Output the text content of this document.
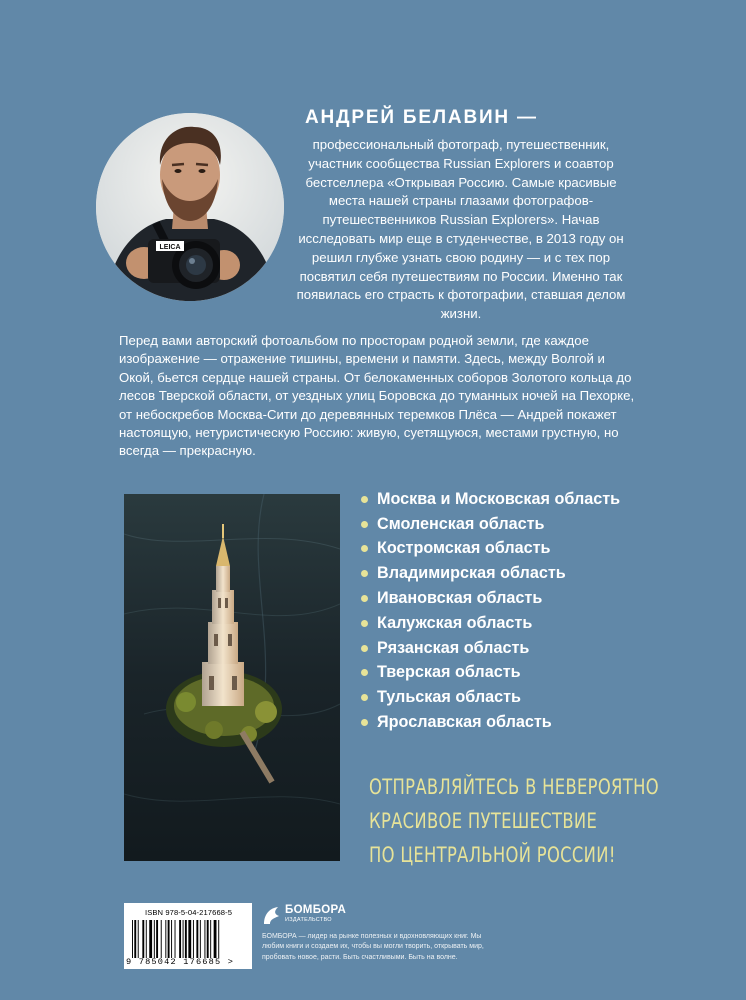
LEICA
АНДРЕЙ БЕЛАВИН —
профессиональный фотограф, путешественник, участник сообщества Russian Explorers и соавтор бестселлера «Открывая Россию. Самые красивые места нашей страны глазами фотографов-путешественников Russian Explorers». Начав исследовать мир еще в студенчестве, в 2013 году он решил глубже узнать свою родину — и с тех пор посвятил себя путешествиям по России. Именно так появилась его страсть к фотографии, ставшая делом жизни.
Перед вами авторский фотоальбом по просторам родной земли, где каждое изображение — отражение тишины, времени и памяти. Здесь, между Волгой и Окой, бьется сердце нашей страны. От белокаменных соборов Золотого кольца до лесов Тверской области, от уездных улиц Боровска до туманных ночей на Пехорке, от небоскребов Москва-Сити до деревянных теремков Плёса — Андрей покажет настоящую, нетуристическую Россию: живую, суетящуюся, местами грустную, но всегда — прекрасную.
Москва и Московская область
Смоленская область
Костромская область
Владимирская область
Ивановская область
Калужская область
Рязанская область
Тверская область
Тульская область
Ярославская область
ОТПРАВЛЯЙТЕСЬ В НЕВЕРОЯТНО
КРАСИВОЕ ПУТЕШЕСТВИЕ
ПО ЦЕНТРАЛЬНОЙ РОССИИ!
ISBN 978-5-04-217668-5
9 785042 176685 >
БОМБОРА
ИЗДАТЕЛЬСТВО
БОМБОРА — лидер на рынке полезных и вдохновляющих книг. Мы любим книги и создаем их, чтобы вы могли творить, открывать мир, пробовать новое, расти. Быть счастливыми. Быть на волне.
